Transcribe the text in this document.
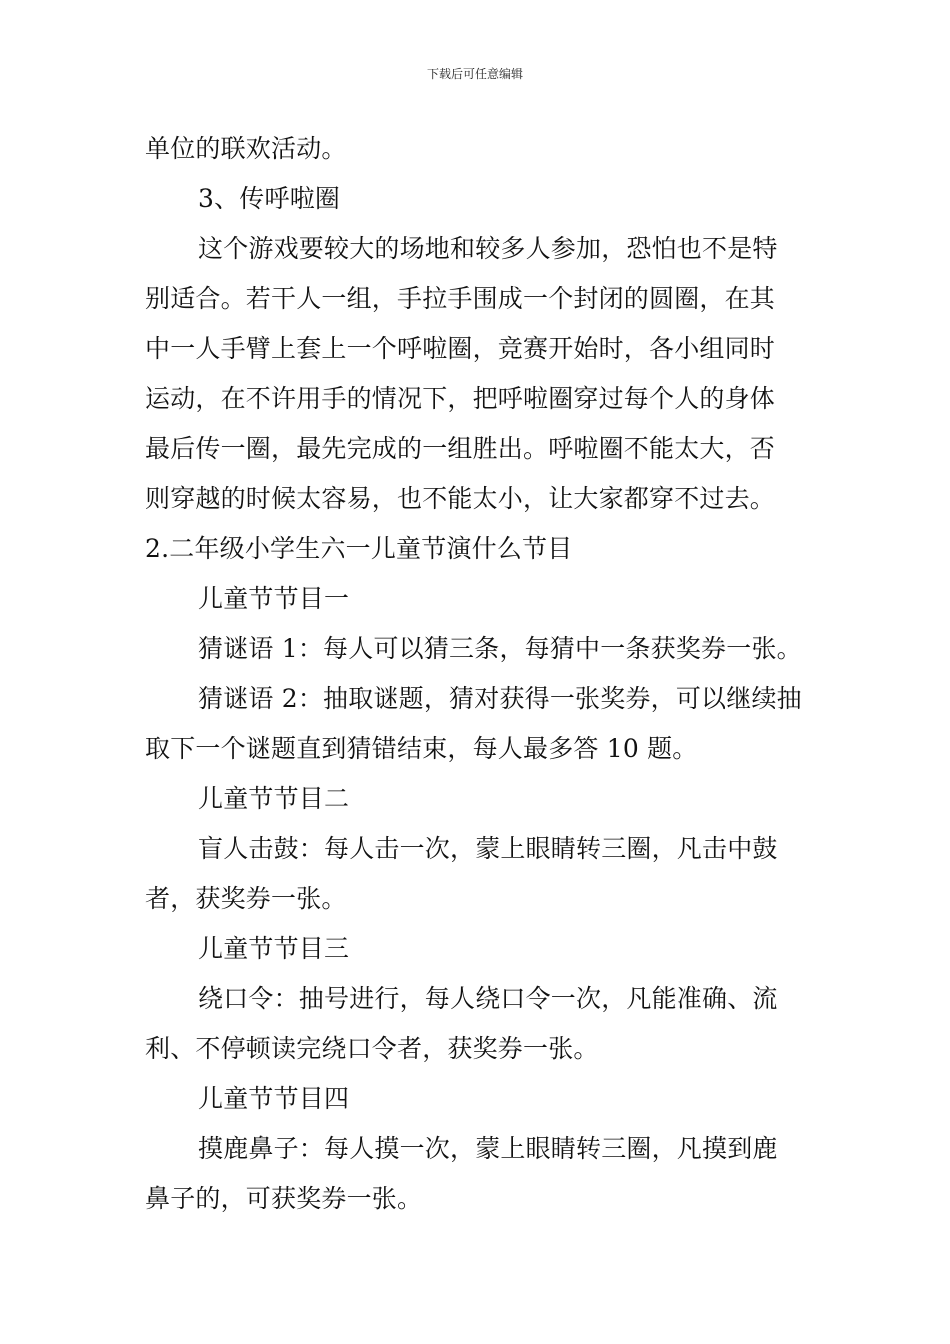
下载后可任意编辑
单位的联欢活动。
3、传呼啦圈
这个游戏要较大的场地和较多人参加，恐怕也不是特
别适合。若干人一组，手拉手围成一个封闭的圆圈，在其
中一人手臂上套上一个呼啦圈，竞赛开始时，各小组同时
运动，在不许用手的情况下，把呼啦圈穿过每个人的身体
最后传一圈，最先完成的一组胜出。呼啦圈不能太大，否
则穿越的时候太容易，也不能太小，让大家都穿不过去。
2.二年级小学生六一儿童节演什么节目
儿童节节目一
猜谜语 1：每人可以猜三条，每猜中一条获奖券一张。
猜谜语 2：抽取谜题，猜对获得一张奖券，可以继续抽
取下一个谜题直到猜错结束，每人最多答 10 题。
儿童节节目二
盲人击鼓：每人击一次，蒙上眼睛转三圈，凡击中鼓
者，获奖券一张。
儿童节节目三
绕口令：抽号进行，每人绕口令一次，凡能准确、流
利、不停顿读完绕口令者，获奖券一张。
儿童节节目四
摸鹿鼻子：每人摸一次，蒙上眼睛转三圈，凡摸到鹿
鼻子的，可获奖券一张。
